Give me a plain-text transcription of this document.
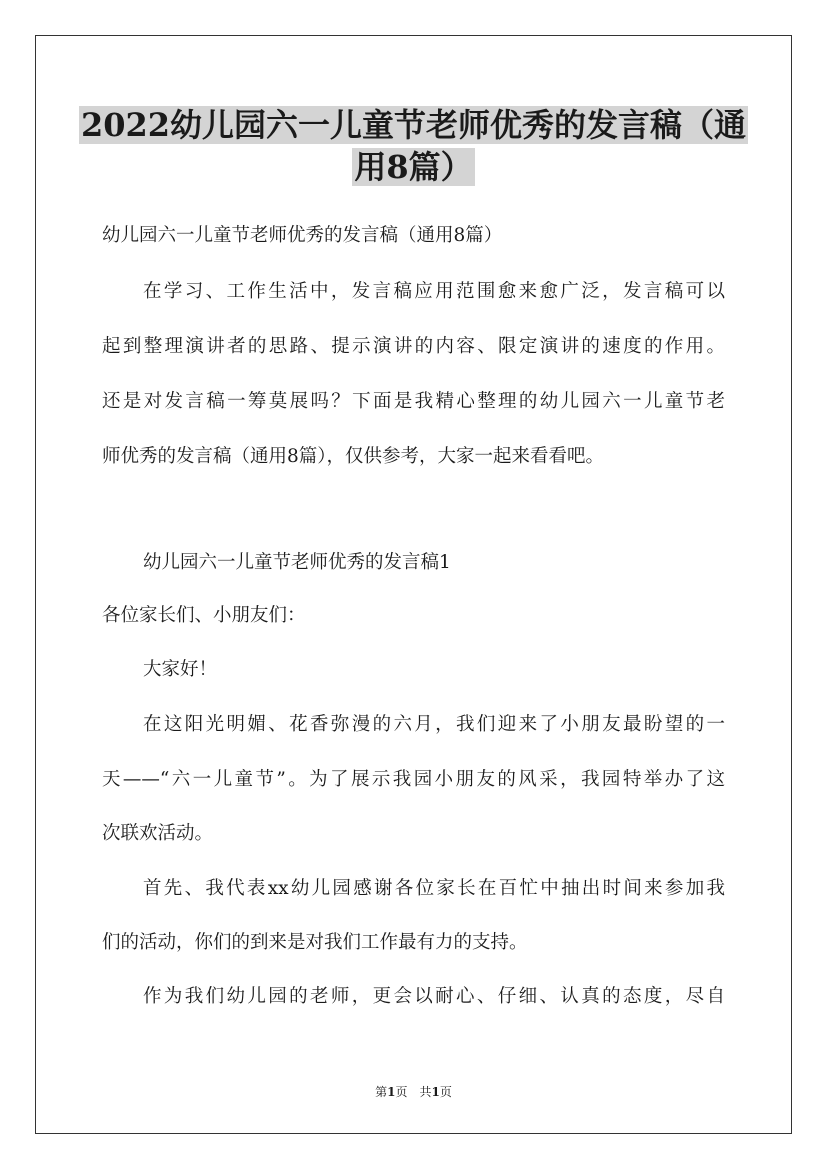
2022幼儿园六一儿童节老师优秀的发言稿（通
用8篇）

幼儿园六一儿童节老师优秀的发言稿（通用8篇）

在学习、工作生活中，发言稿应用范围愈来愈广泛，发言稿可以

起到整理演讲者的思路、提示演讲的内容、限定演讲的速度的作用。

还是对发言稿一筹莫展吗？下面是我精心整理的幼儿园六一儿童节老

师优秀的发言稿（通用8篇），仅供参考，大家一起来看看吧。

幼儿园六一儿童节老师优秀的发言稿1

各位家长们、小朋友们：

大家好！

在这阳光明媚、花香弥漫的六月，我们迎来了小朋友最盼望的一

天——“六一儿童节”。为了展示我园小朋友的风采，我园特举办了这

次联欢活动。

首先、我代表xx幼儿园感谢各位家长在百忙中抽出时间来参加我

们的活动，你们的到来是对我们工作最有力的支持。

作为我们幼儿园的老师，更会以耐心、仔细、认真的态度，尽自

第1页　共1页
